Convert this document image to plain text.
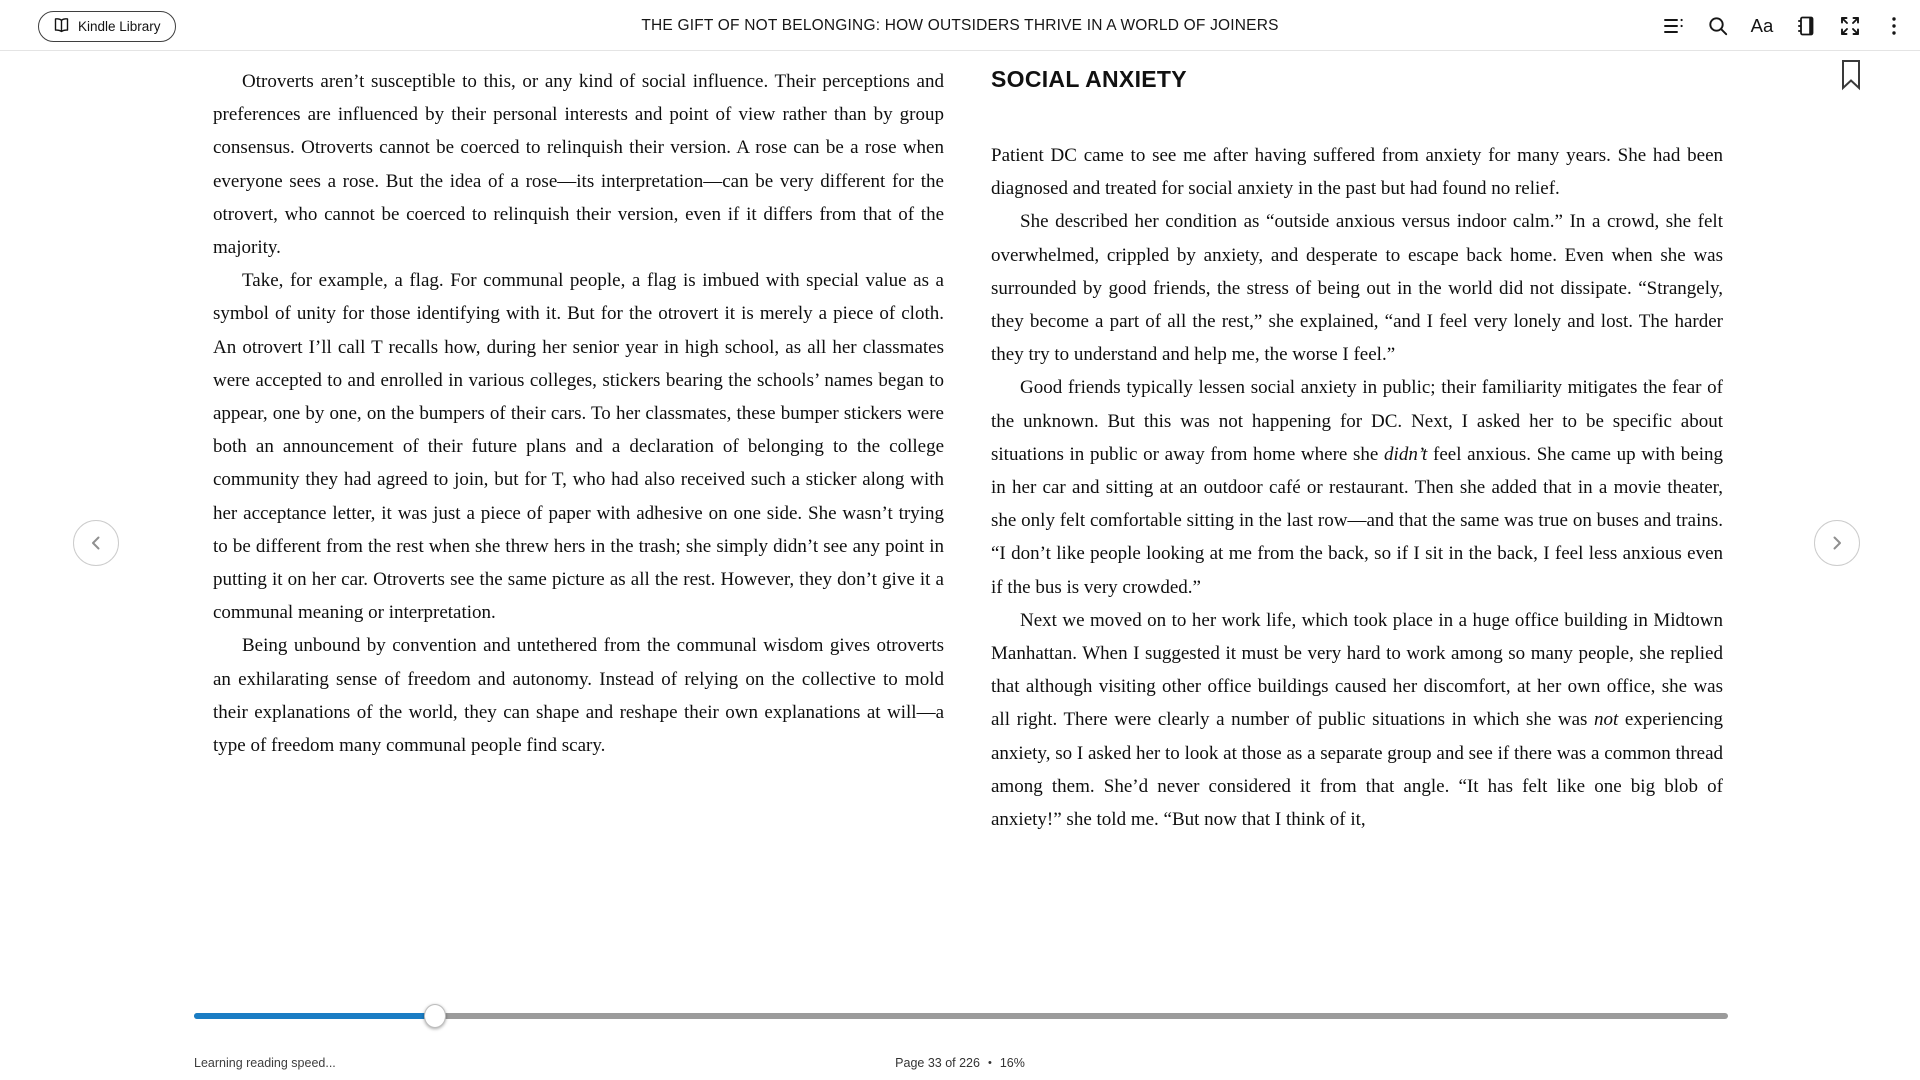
Kindle Library	THE GIFT OF NOT BELONGING: HOW OUTSIDERS THRIVE IN A WORLD OF JOINERS	Aa

Otroverts aren’t susceptible to this, or any kind of social influence. Their perceptions and preferences are influenced by their personal interests and point of view rather than by group consensus. Otroverts cannot be coerced to relinquish their version. A rose can be a rose when everyone sees a rose. But the idea of a rose—its interpretation—can be very different for the otrovert, who cannot be coerced to relinquish their version, even if it differs from that of the majority.

Take, for example, a flag. For communal people, a flag is imbued with special value as a symbol of unity for those identifying with it. But for the otrovert it is merely a piece of cloth. An otrovert I’ll call T recalls how, during her senior year in high school, as all her classmates were accepted to and enrolled in various colleges, stickers bearing the schools’ names began to appear, one by one, on the bumpers of their cars. To her classmates, these bumper stickers were both an announcement of their future plans and a declaration of belonging to the college community they had agreed to join, but for T, who had also received such a sticker along with her acceptance letter, it was just a piece of paper with adhesive on one side. She wasn’t trying to be different from the rest when she threw hers in the trash; she simply didn’t see any point in putting it on her car. Otroverts see the same picture as all the rest. However, they don’t give it a communal meaning or interpretation.

Being unbound by convention and untethered from the communal wisdom gives otroverts an exhilarating sense of freedom and autonomy. Instead of relying on the collective to mold their explanations of the world, they can shape and reshape their own explanations at will—a type of freedom many communal people find scary.

SOCIAL ANXIETY

Patient DC came to see me after having suffered from anxiety for many years. She had been diagnosed and treated for social anxiety in the past but had found no relief.

She described her condition as “outside anxious versus indoor calm.” In a crowd, she felt overwhelmed, crippled by anxiety, and desperate to escape back home. Even when she was surrounded by good friends, the stress of being out in the world did not dissipate. “Strangely, they become a part of all the rest,” she explained, “and I feel very lonely and lost. The harder they try to understand and help me, the worse I feel.”

Good friends typically lessen social anxiety in public; their familiarity mitigates the fear of the unknown. But this was not happening for DC. Next, I asked her to be specific about situations in public or away from home where she didn’t feel anxious. She came up with being in her car and sitting at an outdoor café or restaurant. Then she added that in a movie theater, she only felt comfortable sitting in the last row—and that the same was true on buses and trains. “I don’t like people looking at me from the back, so if I sit in the back, I feel less anxious even if the bus is very crowded.”

Next we moved on to her work life, which took place in a huge office building in Midtown Manhattan. When I suggested it must be very hard to work among so many people, she replied that although visiting other office buildings caused her discomfort, at her own office, she was all right. There were clearly a number of public situations in which she was not experiencing anxiety, so I asked her to look at those as a separate group and see if there was a common thread among them. She’d never considered it from that angle. “It has felt like one big blob of anxiety!” she told me. “But now that I think of it,

Learning reading speed...	Page 33 of 226 • 16%
